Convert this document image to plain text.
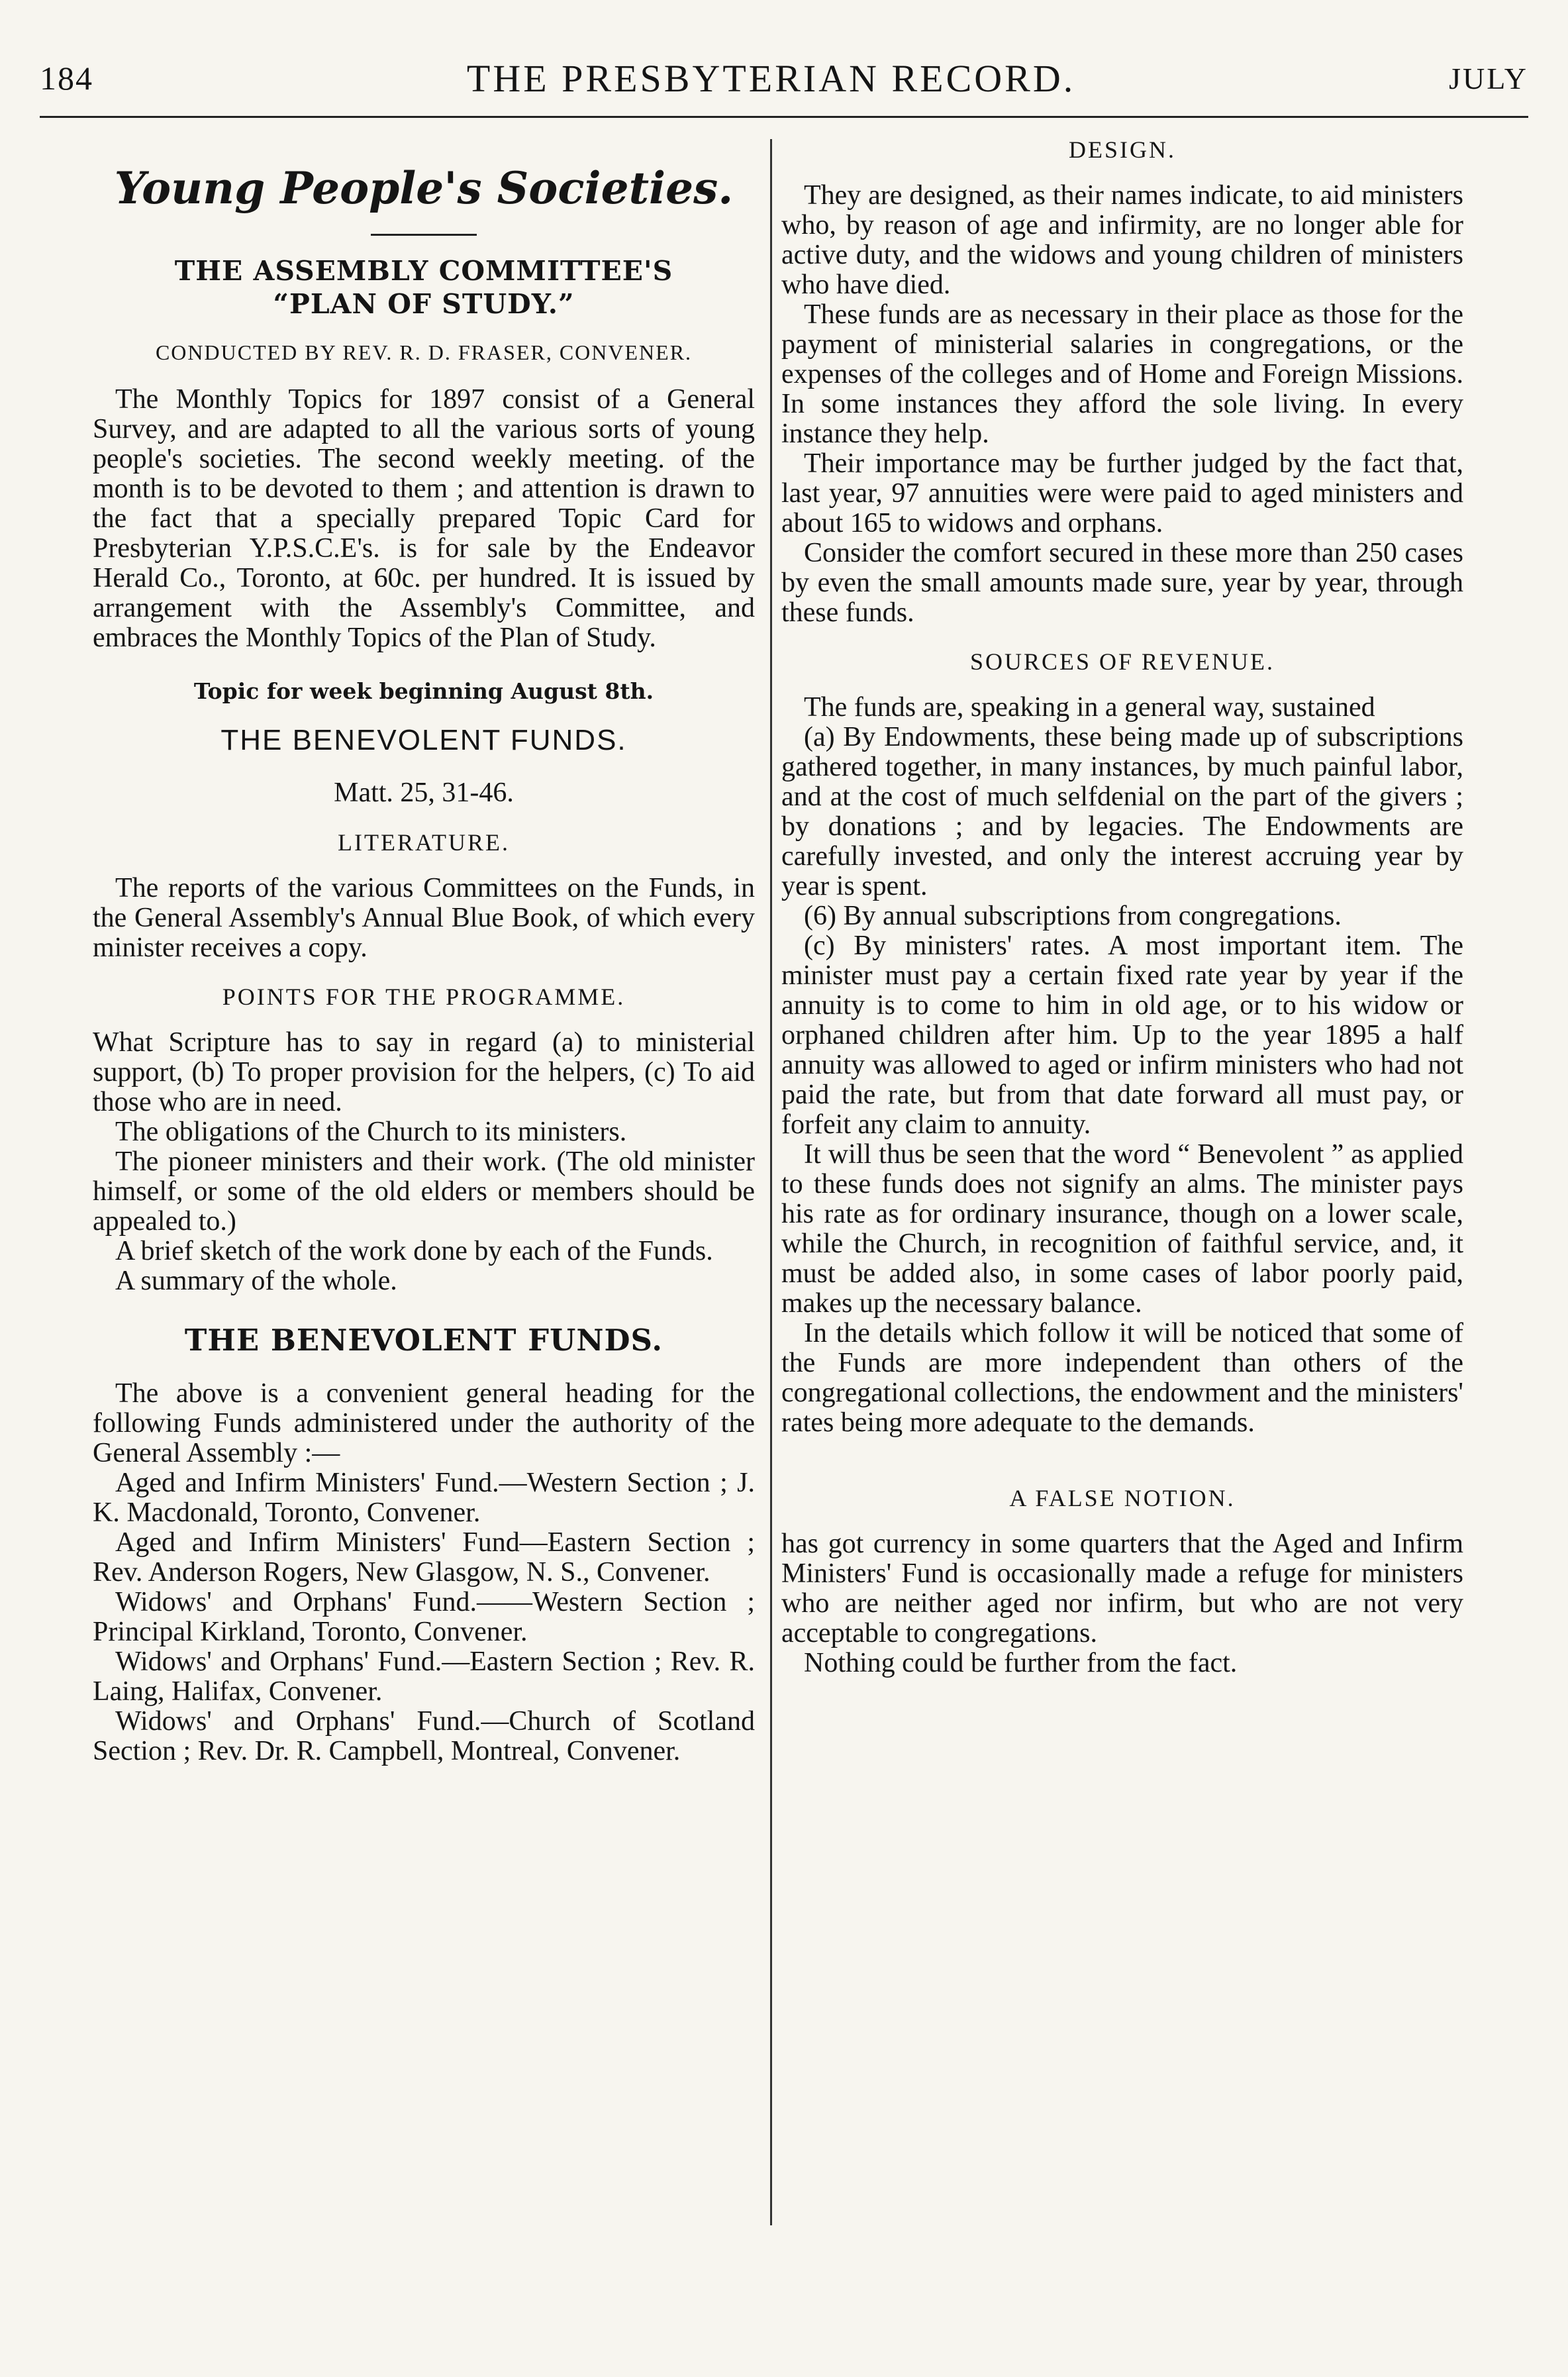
184	THE PRESBYTERIAN RECORD.	JULY
Young People's Societies.
THE ASSEMBLY COMMITTEE'S
“PLAN OF STUDY.”
CONDUCTED BY REV. R. D. FRASER, CONVENER.

The Monthly Topics for 1897 consist of a General Survey, and are adapted to all the various sorts of young people's societies. The second weekly meeting. of the month is to be devoted to them ; and attention is drawn to the fact that a specially prepared Topic Card for Presbyterian Y.P.S.C.E's. is for sale by the Endeavor Herald Co., Toronto, at 60c. per hundred. It is issued by arrangement with the Assembly's Committee, and embraces the Monthly Topics of the Plan of Study.

Topic for week beginning August 8th.
THE BENEVOLENT FUNDS.
Matt. 25, 31-46.
LITERATURE.

The reports of the various Committees on the Funds, in the General Assembly's Annual Blue Book, of which every minister receives a copy.

POINTS FOR THE PROGRAMME.

What Scripture has to say in regard (a) to ministerial support, (b) To proper provision for the helpers, (c) To aid those who are in need.

The obligations of the Church to its ministers.

The pioneer ministers and their work. (The old minister himself, or some of the old elders or members should be appealed to.)

A brief sketch of the work done by each of the Funds.

A summary of the whole.

THE BENEVOLENT FUNDS.

The above is a convenient general heading for the following Funds administered under the authority of the General Assembly :—

Aged and Infirm Ministers' Fund.—Western Section ; J. K. Macdonald, Toronto, Convener.

Aged and Infirm Ministers' Fund—Eastern Section ; Rev. Anderson Rogers, New Glasgow, N. S., Convener.

Widows' and Orphans' Fund.——Western Section ; Principal Kirkland, Toronto, Convener.

Widows' and Orphans' Fund.—Eastern Section ; Rev. R. Laing, Halifax, Convener.

Widows' and Orphans' Fund.—Church of Scotland Section ; Rev. Dr. R. Campbell, Montreal, Convener.

DESIGN.

They are designed, as their names indicate, to aid ministers who, by reason of age and infirmity, are no longer able for active duty, and the widows and young children of ministers who have died.

These funds are as necessary in their place as those for the payment of ministerial salaries in congregations, or the expenses of the colleges and of Home and Foreign Missions. In some instances they afford the sole living. In every instance they help.

Their importance may be further judged by the fact that, last year, 97 annuities were were paid to aged ministers and about 165 to widows and orphans.

Consider the comfort secured in these more than 250 cases by even the small amounts made sure, year by year, through these funds.

SOURCES OF REVENUE.

The funds are, speaking in a general way, sustained

(a) By Endowments, these being made up of subscriptions gathered together, in many instances, by much painful labor, and at the cost of much selfdenial on the part of the givers ; by donations ; and by legacies. The Endowments are carefully invested, and only the interest accruing year by year is spent.

(6) By annual subscriptions from congregations.

(c) By ministers' rates. A most important item. The minister must pay a certain fixed rate year by year if the annuity is to come to him in old age, or to his widow or orphaned children after him. Up to the year 1895 a half annuity was allowed to aged or infirm ministers who had not paid the rate, but from that date forward all must pay, or forfeit any claim to annuity.

It will thus be seen that the word “ Benevolent ” as applied to these funds does not signify an alms. The minister pays his rate as for ordinary insurance, though on a lower scale, while the Church, in recognition of faithful service, and, it must be added also, in some cases of labor poorly paid, makes up the necessary balance.

In the details which follow it will be noticed that some of the Funds are more independent than others of the congregational collections, the endowment and the ministers' rates being more adequate to the demands.

A FALSE NOTION.

has got currency in some quarters that the Aged and Infirm Ministers' Fund is occasionally made a refuge for ministers who are neither aged nor infirm, but who are not very acceptable to congregations.

Nothing could be further from the fact.
